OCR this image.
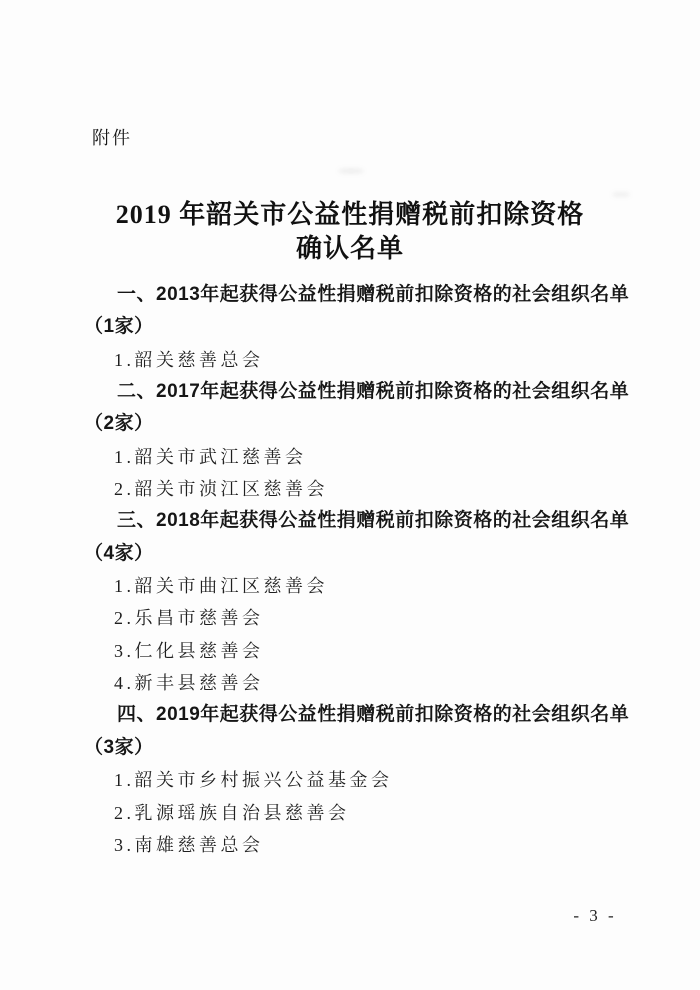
附件
2019 年韶关市公益性捐赠税前扣除资格
确认名单

一、2013年起获得公益性捐赠税前扣除资格的社会组织名单

（1家）

1.韶关慈善总会

二、2017年起获得公益性捐赠税前扣除资格的社会组织名单

（2家）

1.韶关市武江慈善会

2.韶关市浈江区慈善会

三、2018年起获得公益性捐赠税前扣除资格的社会组织名单

（4家）

1.韶关市曲江区慈善会

2.乐昌市慈善会

3.仁化县慈善会

4.新丰县慈善会

四、2019年起获得公益性捐赠税前扣除资格的社会组织名单

（3家）

1.韶关市乡村振兴公益基金会

2.乳源瑶族自治县慈善会

3.南雄慈善总会

- 3 -
